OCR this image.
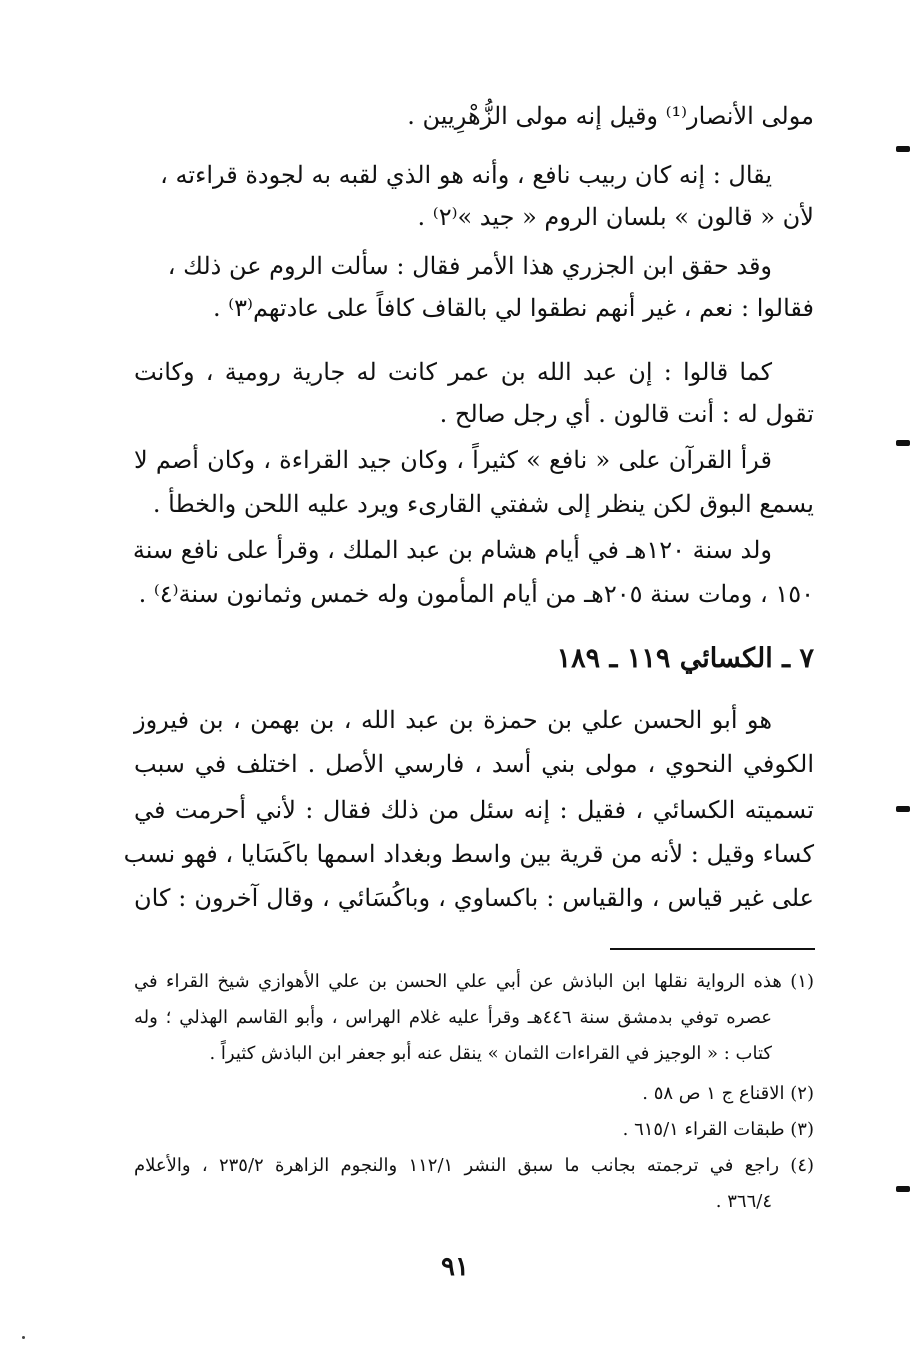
مولى الأنصار⁽¹⁾ وقيل إنه مولى الزُّهْرِيين .
يقال : إنه كان ربيب نافع ، وأنه هو الذي لقبه به لجودة قراءته ،
لأن « قالون » بلسان الروم « جيد »⁽٢⁾ .
وقد حقق ابن الجزري هذا الأمر فقال : سألت الروم عن ذلك ،
فقالوا : نعم ، غير أنهم نطقوا لي بالقاف كافاً على عادتهم⁽٣⁾ .
كما قالوا : إن عبد الله بن عمر كانت له جارية رومية ، وكانت
تقول له : أنت قالون . أي رجل صالح .
قرأ القرآن على « نافع » كثيراً ، وكان جيد القراءة ، وكان أصم لا
يسمع البوق لكن ينظر إلى شفتي القارىء ويرد عليه اللحن والخطأ .
ولد سنة ١٢٠هـ في أيام هشام بن عبد الملك ، وقرأ على نافع سنة
١٥٠ ، ومات سنة ٢٠٥هـ من أيام المأمون وله خمس وثمانون سنة⁽٤⁾ .
٧ ـ الكسائي ١١٩ ـ ١٨٩
هو أبو الحسن علي بن حمزة بن عبد الله ، بن بهمن ، بن فيروز
الكوفي النحوي ، مولى بني أسد ، فارسي الأصل . اختلف في سبب
تسميته الكسائي ، فقيل : إنه سئل من ذلك فقال : لأني أحرمت في
كساء وقيل : لأنه من قرية بين واسط وبغداد اسمها باكَسَايا ، فهو نسب
على غير قياس ، والقياس : باكساوي ، وباكُسَائي ، وقال آخرون : كان
(١) هذه الرواية نقلها ابن الباذش عن أبي علي الحسن بن علي الأهوازي شيخ القراء في
عصره توفي بدمشق سنة ٤٤٦هـ وقرأ عليه غلام الهراس ، وأبو القاسم الهذلي ؛ وله
كتاب : « الوجيز في القراءات الثمان » ينقل عنه أبو جعفر ابن الباذش كثيراً .
(٢) الاقناع ج ١ ص ٥٨ .
(٣) طبقات القراء ٦١٥/١ .
(٤) راجع في ترجمته بجانب ما سبق النشر ١١٢/١ والنجوم الزاهرة ٢٣٥/٢ ، والأعلام
٣٦٦/٤ .
٩١
